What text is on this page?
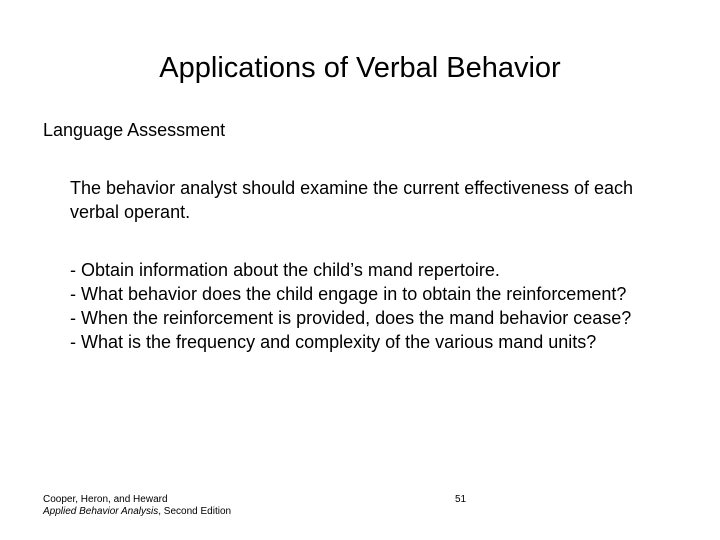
Applications of Verbal Behavior

Language Assessment

The behavior analyst should examine the current effectiveness of each verbal operant.

- Obtain information about the child’s mand repertoire.
- What behavior does the child engage in to obtain the reinforcement?
- When the reinforcement is provided, does the mand behavior cease?
- What is the frequency and complexity of the various mand units?
Cooper, Heron, and Heward
Applied Behavior Analysis, Second Edition
51
